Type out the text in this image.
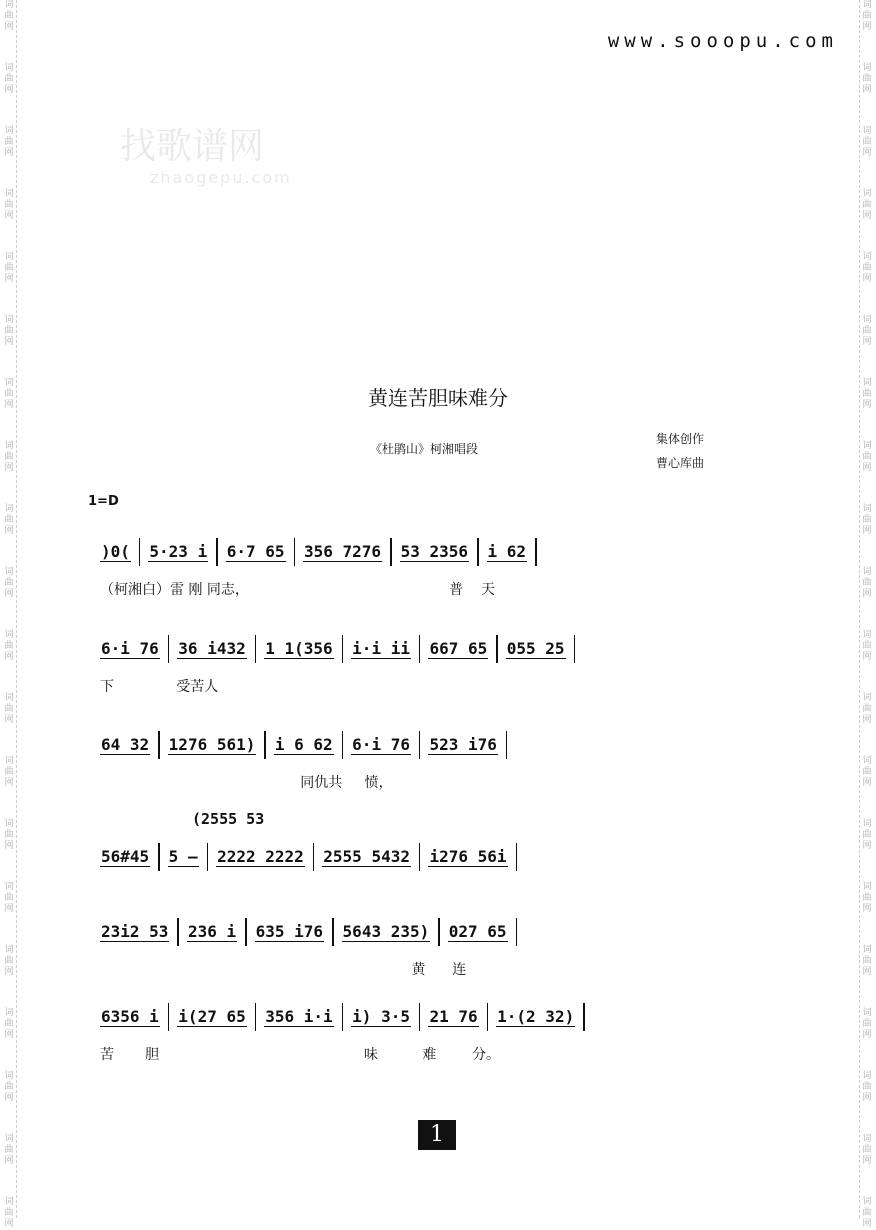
词
曲
网
词
曲
网
词
曲
网
词
曲
网
词
曲
网
词
曲
网
词
曲
网
词
曲
网
词
曲
网
词
曲
网
词
曲
网
词
曲
网
词
曲
网
词
曲
网
词
曲
网
词
曲
网
词
曲
网
词
曲
网
词
曲
网
词
曲
网
词
曲
网
词
曲
网
词
曲
网
词
曲
网
词
曲
网
词
曲
网
词
曲
网
词
曲
网
词
曲
网
词
曲
网
词
曲
网
词
曲
网
词
曲
网
词
曲
网
词
曲
网
词
曲
网
词
曲
网
词
曲
网
词
曲
网
词
曲
网
www.sooopu.com
找歌谱网
zhaogepu.com
黄连苦胆味难分
《杜鹃山》柯湘唱段
集体创作
曹心库曲
1=D
)0( 5·23 i 6·7 65 356 7276 53 2356 i 62
（柯湘白）雷 刚 同志，                                             普    天
6·i 76 36 i432 1 1(356 i·i ii 667 65 055 25
下              受苦人
64 32 1276 561) i 6 62 6·i 76 523 i76
同仇共     愤，
(2555 53
56#45 5 — 2222 2222 2555 5432 i276 56i
23i2 53 236 i 635 i76 5643 235) 027 65
黄      连
6356 i i(27 65 356 i·i i) 3·5 21 76 1·(2 32)
苦       胆                                              味          难        分。
1
